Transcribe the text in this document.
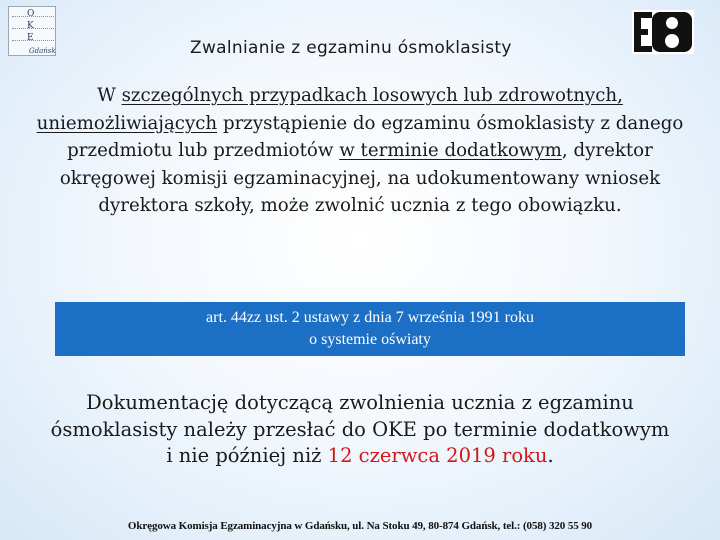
O
K
E
Gdańsk	Zwalnianie z egzaminu ósmoklasisty
W szczególnych przypadkach losowych lub zdrowotnych, uniemożliwiających przystąpienie do egzaminu ósmoklasisty z danego przedmiotu lub przedmiotów w terminie dodatkowym, dyrektor okręgowej komisji egzaminacyjnej, na udokumentowany wniosek dyrektora szkoły, może zwolnić ucznia z tego obowiązku.
art. 44zz ust. 2 ustawy z dnia 7 września 1991 roku
o systemie oświaty
Dokumentację dotyczącą zwolnienia ucznia z egzaminu ósmoklasisty należy przesłać do OKE po terminie dodatkowym i nie później niż 12 czerwca 2019 roku.
Okręgowa Komisja Egzaminacyjna w Gdańsku, ul. Na Stoku 49, 80-874 Gdańsk, tel.: (058) 320 55 90
